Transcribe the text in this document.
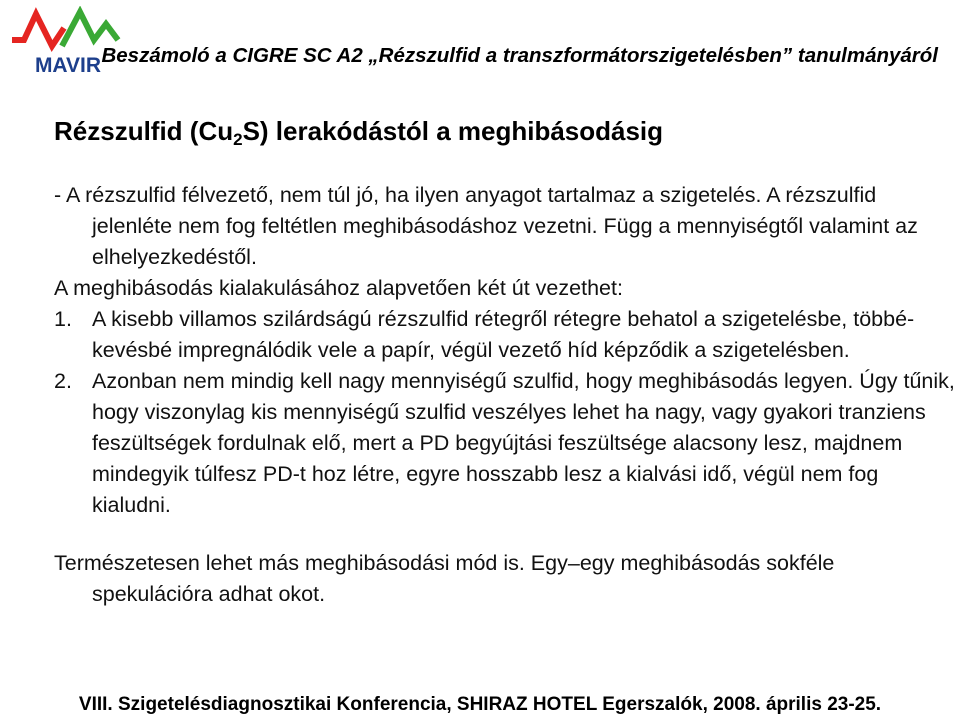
MAVIR Beszámoló a CIGRE SC A2 „Rézszulfid a transzformátorszigetelésben” tanulmányáról
Rézszulfid $(Cu_2S)$ lerakódástól a meghibásodásig

- A rézszulfid félvezető, nem túl jó, ha ilyen anyagot tartalmaz a szigetelés. A rézszulfid jelenléte nem fog feltétlen meghibásodáshoz vezetni. Függ a mennyiségtől valamint az elhelyezkedéstől.

A meghibásodás kialakulásához alapvetően két út vezethet:

1. A kisebb villamos szilárdságú rézszulfid rétegről rétegre behatol a szigetelésbe, többé-kevésbé impregnálódik vele a papír, végül vezető híd képződik a szigetelésben.
2. Azonban nem mindig kell nagy mennyiségű szulfid, hogy meghibásodás legyen. Úgy tűnik, hogy viszonylag kis mennyiségű szulfid veszélyes lehet ha nagy, vagy gyakori tranziens feszültségek fordulnak elő, mert a PD begyújtási feszültsége alacsony lesz, majdnem mindegyik túlfesz PD-t hoz létre, egyre hosszabb lesz a kialvási idő, végül nem fog kialudni.

Természetesen lehet más meghibásodási mód is. Egy–egy meghibásodás sokféle spekulációra adhat okot.

VIII. Szigetelésdiagnosztikai Konferencia, SHIRAZ HOTEL Egerszalók, 2008. április 23-25.
